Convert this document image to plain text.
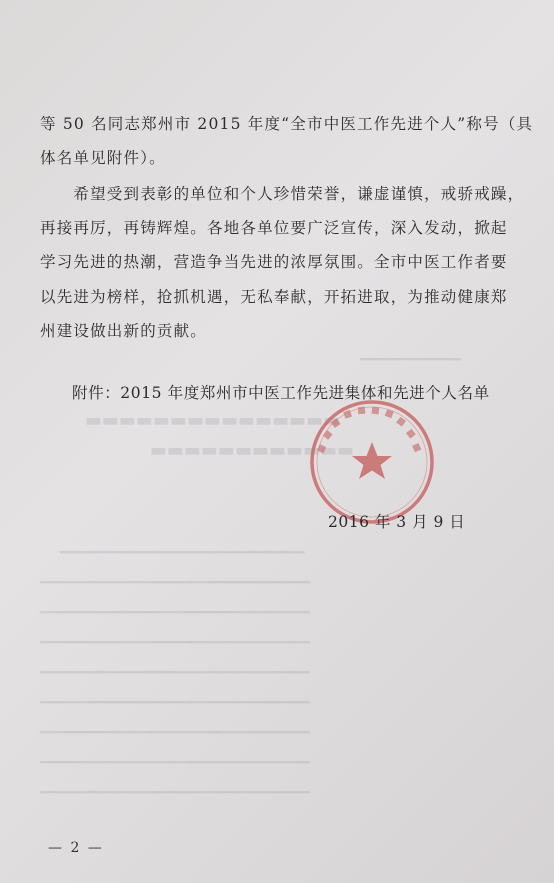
━━━━━━━━━━━━
▬▬▬▬▬▬▬▬▬▬▬▬▬▬▬
▬▬▬▬▬▬▬▬▬▬▬▬
━━━━━━━━━━━━━━━━━━━━━━━━━━━━━
━━━━━━━━━━━━━━━━━━━━━━━━━━━━━━━━
━━━━━━━━━━━━━━━━━━━━━━━━━━━━━━━━
━━━━━━━━━━━━━━━━━━━━━━━━━━━━━━━━
━━━━━━━━━━━━━━━━━━━━━━━━━━━━━━━━
━━━━━━━━━━━━━━━━━━━━━━━━━━━━━━━━
━━━━━━━━━━━━━━━━━━━━━━━━━━━━━━━━
━━━━━━━━━━━━━━━━━━━━━━━━━━━━━━━━
━━━━━━━━━━━━━━━━━━━━━━━━━━━━━━━━
等 50 名同志郑州市 2015 年度“全市中医工作先进个人”称号（具
体名单见附件）。
　　希望受到表彰的单位和个人珍惜荣誉，谦虚谨慎，戒骄戒躁，
再接再厉，再铸辉煌。各地各单位要广泛宣传，深入发动，掀起
学习先进的热潮，营造争当先进的浓厚氛围。全市中医工作者要
以先进为榜样，抢抓机遇，无私奉献，开拓进取，为推动健康郑
州建设做出新的贡献。
附件：2015 年度郑州市中医工作先进集体和先进个人名单
2016 年 3 月 9 日
— 2 —
